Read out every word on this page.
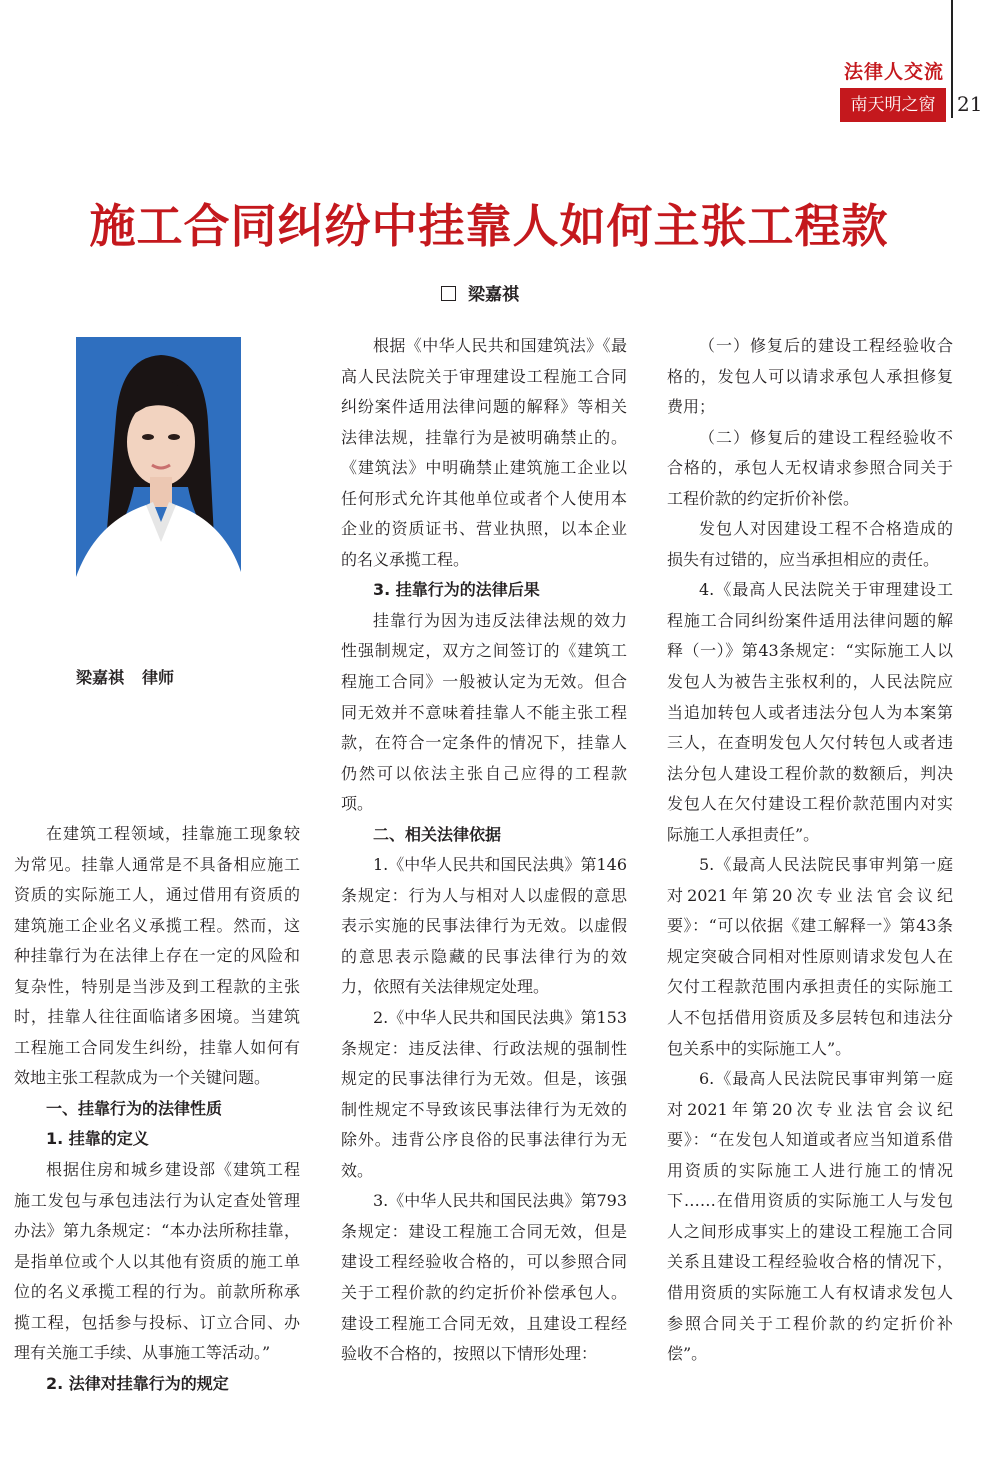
法律人交流
南天明之窗	21
施工合同纠纷中挂靠人如何主张工程款
梁嘉祺
梁嘉祺 律师

在建筑工程领域，挂靠施工现象较为常见。挂靠人通常是不具备相应施工资质的实际施工人，通过借用有资质的建筑施工企业名义承揽工程。然而，这种挂靠行为在法律上存在一定的风险和复杂性，特别是当涉及到工程款的主张时，挂靠人往往面临诸多困境。当建筑工程施工合同发生纠纷，挂靠人如何有效地主张工程款成为一个关键问题。

一、挂靠行为的法律性质
1. 挂靠的定义

根据住房和城乡建设部《建筑工程施工发包与承包违法行为认定查处管理办法》第九条规定：“本办法所称挂靠，是指单位或个人以其他有资质的施工单位的名义承揽工程的行为。前款所称承揽工程，包括参与投标、订立合同、办理有关施工手续、从事施工等活动。”

2. 法律对挂靠行为的规定

根据《中华人民共和国建筑法》《最高人民法院关于审理建设工程施工合同纠纷案件适用法律问题的解释》等相关法律法规，挂靠行为是被明确禁止的。《建筑法》中明确禁止建筑施工企业以任何形式允许其他单位或者个人使用本企业的资质证书、营业执照，以本企业的名义承揽工程。

3. 挂靠行为的法律后果

挂靠行为因为违反法律法规的效力性强制规定，双方之间签订的《建筑工程施工合同》一般被认定为无效。但合同无效并不意味着挂靠人不能主张工程款，在符合一定条件的情况下，挂靠人仍然可以依法主张自己应得的工程款项。

二、相关法律依据

1.《中华人民共和国民法典》第146条规定：行为人与相对人以虚假的意思表示实施的民事法律行为无效。以虚假的意思表示隐藏的民事法律行为的效力，依照有关法律规定处理。

2.《中华人民共和国民法典》第153条规定：违反法律、行政法规的强制性规定的民事法律行为无效。但是，该强制性规定不导致该民事法律行为无效的除外。违背公序良俗的民事法律行为无效。

3.《中华人民共和国民法典》第793条规定：建设工程施工合同无效，但是建设工程经验收合格的，可以参照合同关于工程价款的约定折价补偿承包人。建设工程施工合同无效，且建设工程经验收不合格的，按照以下情形处理：

（一）修复后的建设工程经验收合格的，发包人可以请求承包人承担修复费用；

（二）修复后的建设工程经验收不合格的，承包人无权请求参照合同关于工程价款的约定折价补偿。

发包人对因建设工程不合格造成的损失有过错的，应当承担相应的责任。

4.《最高人民法院关于审理建设工程施工合同纠纷案件适用法律问题的解释（一）》第43条规定：“实际施工人以发包人为被告主张权利的，人民法院应当追加转包人或者违法分包人为本案第三人，在查明发包人欠付转包人或者违法分包人建设工程价款的数额后，判决发包人在欠付建设工程价款范围内对实际施工人承担责任”。

5.《最高人民法院民事审判第一庭对2021年第20次专业法官会议纪要》：“可以依据《建工解释一》第43条规定突破合同相对性原则请求发包人在欠付工程款范围内承担责任的实际施工人不包括借用资质及多层转包和违法分包关系中的实际施工人”。

6.《最高人民法院民事审判第一庭对2021年第20次专业法官会议纪要》：“在发包人知道或者应当知道系借用资质的实际施工人进行施工的情况下……在借用资质的实际施工人与发包人之间形成事实上的建设工程施工合同关系且建设工程经验收合格的情况下，借用资质的实际施工人有权请求发包人参照合同关于工程价款的约定折价补偿”。
